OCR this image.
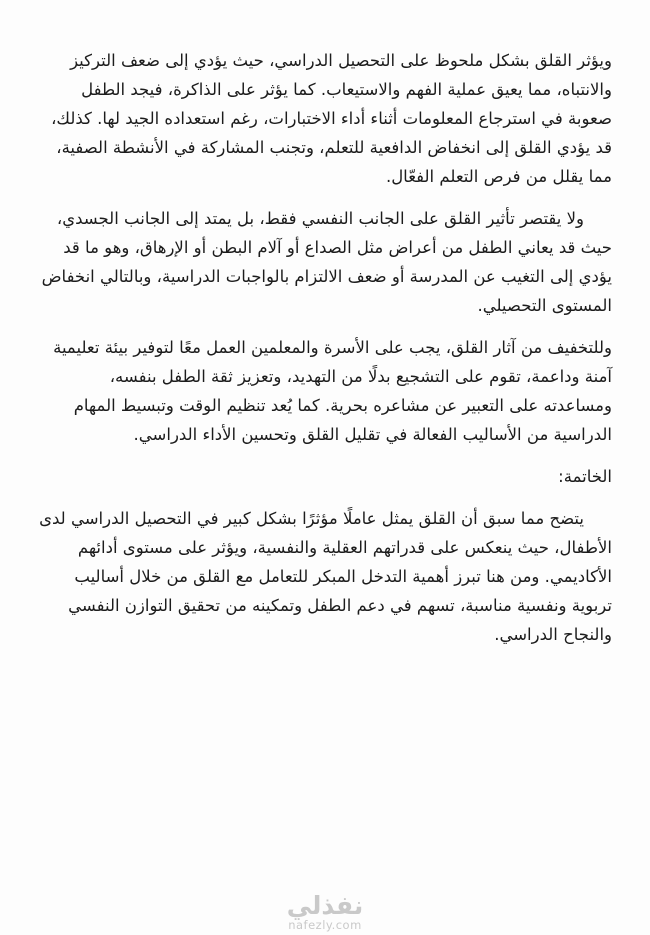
ويؤثر القلق بشكل ملحوظ على التحصيل الدراسي، حيث يؤدي إلى ضعف التركيز والانتباه، مما يعيق عملية الفهم والاستيعاب. كما يؤثر على الذاكرة، فيجد الطفل صعوبة في استرجاع المعلومات أثناء أداء الاختبارات، رغم استعداده الجيد لها. كذلك، قد يؤدي القلق إلى انخفاض الدافعية للتعلم، وتجنب المشاركة في الأنشطة الصفية، مما يقلل من فرص التعلم الفعّال.

ولا يقتصر تأثير القلق على الجانب النفسي فقط، بل يمتد إلى الجانب الجسدي، حيث قد يعاني الطفل من أعراض مثل الصداع أو آلام البطن أو الإرهاق، وهو ما قد يؤدي إلى التغيب عن المدرسة أو ضعف الالتزام بالواجبات الدراسية، وبالتالي انخفاض المستوى التحصيلي.

وللتخفيف من آثار القلق، يجب على الأسرة والمعلمين العمل معًا لتوفير بيئة تعليمية آمنة وداعمة، تقوم على التشجيع بدلًا من التهديد، وتعزيز ثقة الطفل بنفسه، ومساعدته على التعبير عن مشاعره بحرية. كما يُعد تنظيم الوقت وتبسيط المهام الدراسية من الأساليب الفعالة في تقليل القلق وتحسين الأداء الدراسي.

الخاتمة:

يتضح مما سبق أن القلق يمثل عاملًا مؤثرًا بشكل كبير في التحصيل الدراسي لدى الأطفال، حيث ينعكس على قدراتهم العقلية والنفسية، ويؤثر على مستوى أدائهم الأكاديمي. ومن هنا تبرز أهمية التدخل المبكر للتعامل مع القلق من خلال أساليب تربوية ونفسية مناسبة، تسهم في دعم الطفل وتمكينه من تحقيق التوازن النفسي والنجاح الدراسي.

نفذلي
nafezly.com
